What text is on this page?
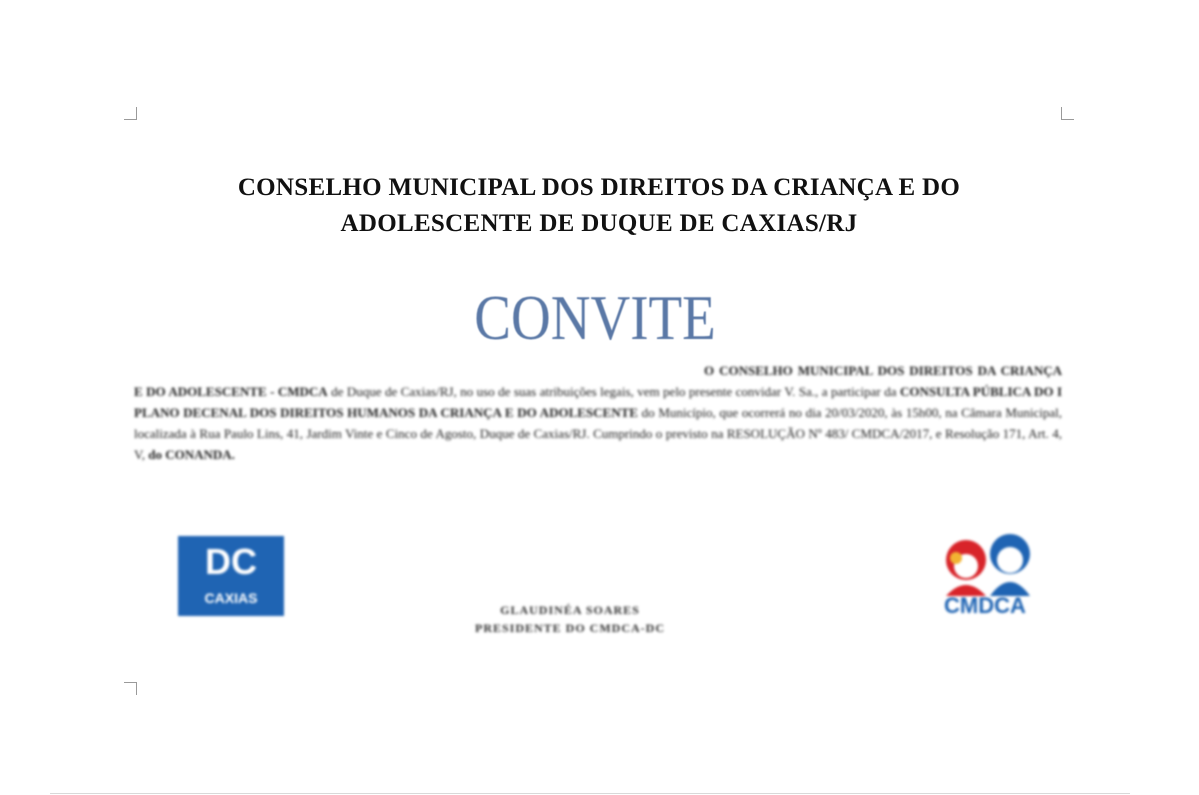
CONSELHO MUNICIPAL DOS DIREITOS DA CRIANÇA E DO
ADOLESCENTE DE DUQUE DE CAXIAS/RJ
CONVITE

O CONSELHO MUNICIPAL DOS DIREITOS DA CRIANÇA E DO ADOLESCENTE - CMDCA de Duque de Caxias/RJ, no uso de suas atribuições legais, vem pelo presente convidar V. Sa., a participar da CONSULTA PÚBLICA DO I PLANO DECENAL DOS DIREITOS HUMANOS DA CRIANÇA E DO ADOLESCENTE do Município, que ocorrerá no dia 20/03/2020, às 15h00, na Câmara Municipal, localizada à Rua Paulo Lins, 41, Jardim Vinte e Cinco de Agosto, Duque de Caxias/RJ. Cumprindo o previsto na RESOLUÇÃO Nº 483/ CMDCA/2017, e Resolução 171, Art. 4, V, do CONANDA.

DC
CAXIAS
GLAUDINÉA SOARES
PRESIDENTE DO CMDCA-DC
CMDCA
